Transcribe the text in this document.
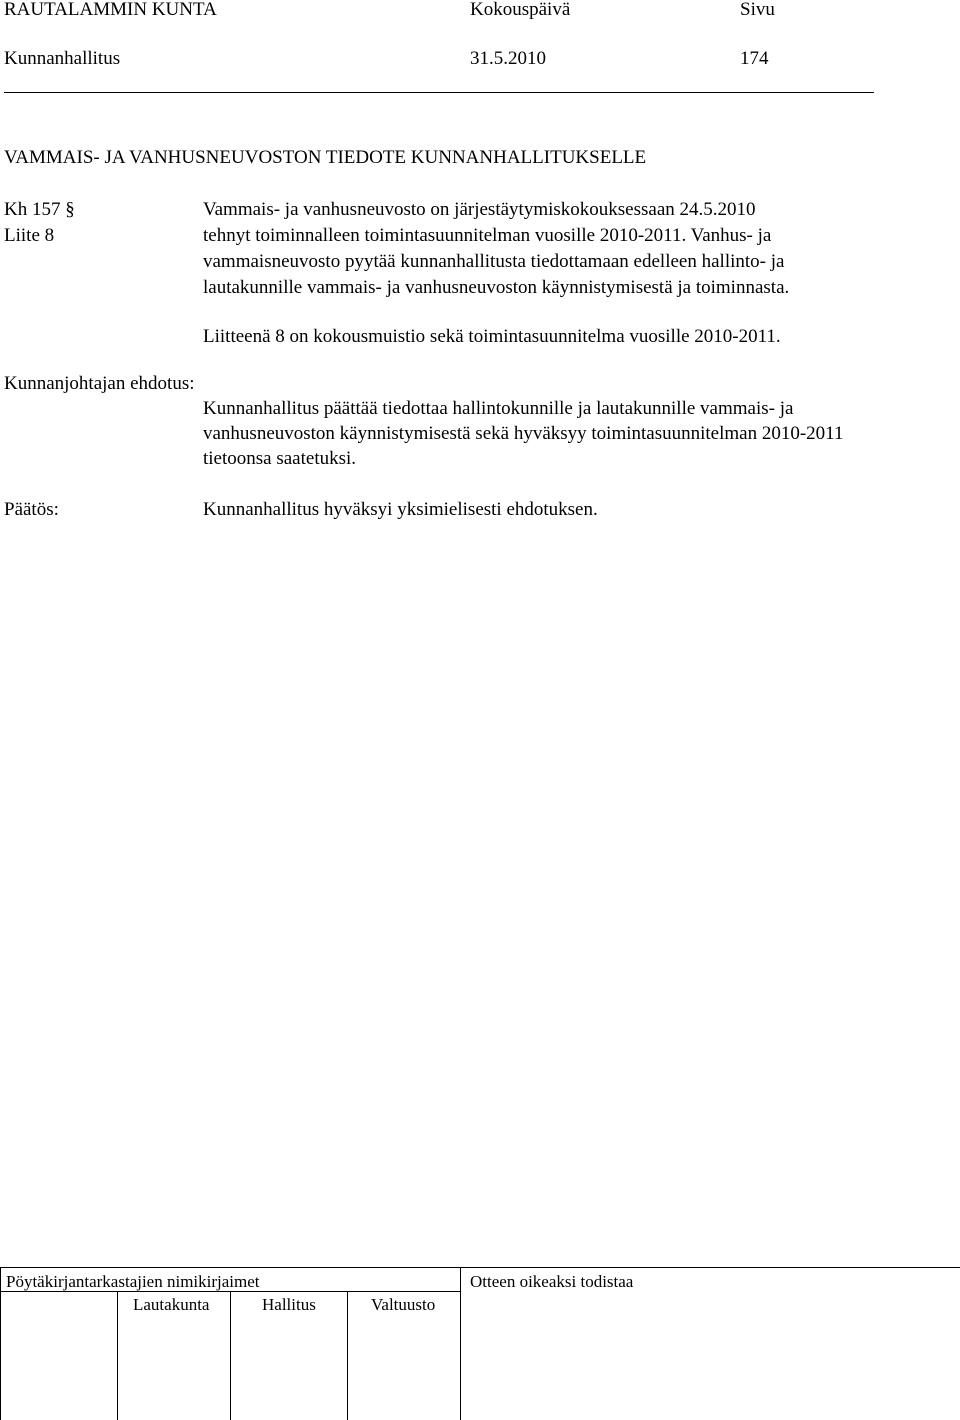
RAUTALAMMIN KUNTA	Kokouspäivä	Sivu
Kunnanhallitus	31.5.2010	174
VAMMAIS- JA VANHUSNEUVOSTON TIEDOTE KUNNANHALLITUKSELLE
Kh 157 §
Liite 8
Vammais- ja vanhusneuvosto on järjestäytymiskokouksessaan 24.5.2010
tehnyt toiminnalleen toimintasuunnitelman vuosille 2010-2011. Vanhus- ja
vammaisneuvosto pyytää kunnanhallitusta tiedottamaan edelleen hallinto- ja
lautakunnille vammais- ja vanhusneuvoston käynnistymisestä ja toiminnasta.
Liitteenä 8 on kokousmuistio sekä toimintasuunnitelma vuosille 2010-2011.
Kunnanjohtajan ehdotus:
Kunnanhallitus päättää tiedottaa hallintokunnille ja lautakunnille vammais- ja vanhusneuvoston käynnistymisestä sekä hyväksyy toimintasuunnitelman 2010-2011 tietoonsa saatetuksi.
Päätös:	Kunnanhallitus hyväksyi yksimielisesti ehdotuksen.
Pöytäkirjantarkastajien nimikirjaimet	Otteen oikeaksi todistaa
Lautakunta	Hallitus	Valtuusto
